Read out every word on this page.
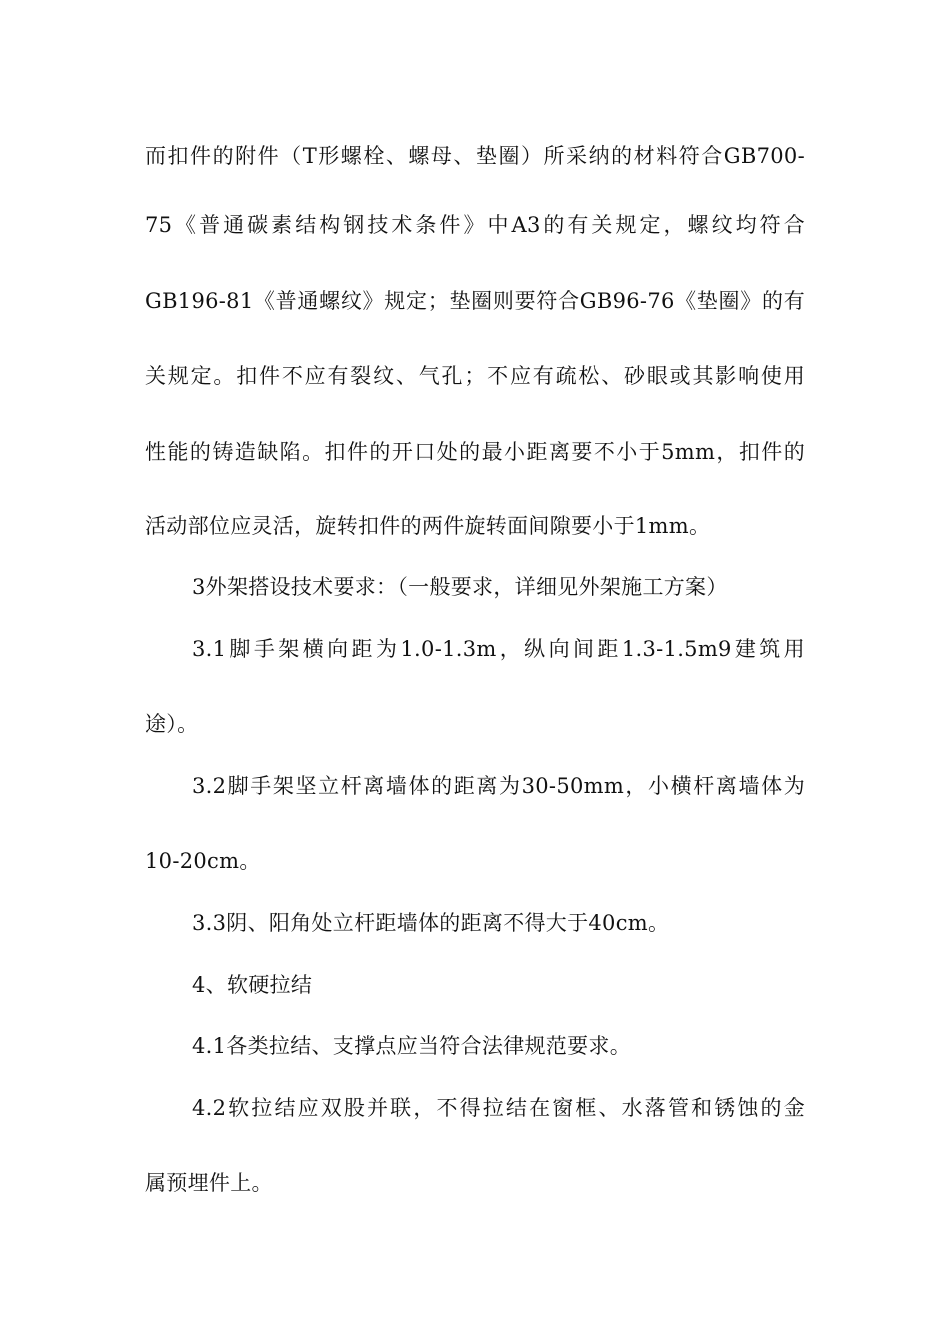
而扣件的附件（T形螺栓、螺母、垫圈）所采纳的材料符合GB700-
75《普通碳素结构钢技术条件》中A3的有关规定，螺纹均符合
GB196-81《普通螺纹》规定；垫圈则要符合GB96-76《垫圈》的有
关规定。扣件不应有裂纹、气孔；不应有疏松、砂眼或其影响使用
性能的铸造缺陷。扣件的开口处的最小距离要不小于5mm，扣件的
活动部位应灵活，旋转扣件的两件旋转面间隙要小于1mm。
3外架搭设技术要求：（一般要求，详细见外架施工方案）
3.1脚手架横向距为1.0-1.3m，纵向间距1.3-1.5m9建筑用
途）。
3.2脚手架坚立杆离墙体的距离为30-50mm，小横杆离墙体为
10-20cm。
3.3阴、阳角处立杆距墙体的距离不得大于40cm。
4、软硬拉结
4.1各类拉结、支撑点应当符合法律规范要求。
4.2软拉结应双股并联，不得拉结在窗框、水落管和锈蚀的金
属预埋件上。
